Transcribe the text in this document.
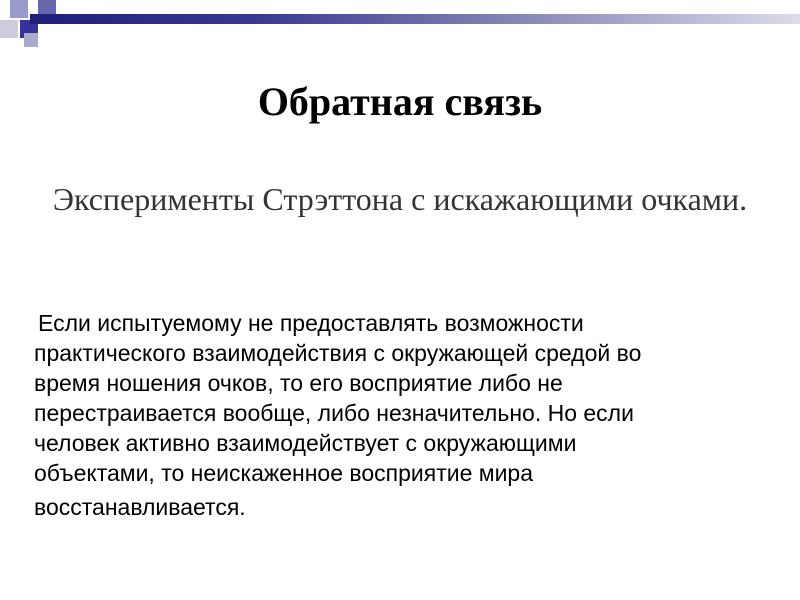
Обратная связь

Эксперименты Стрэттона с искажающими очками.

Если испытуемому не предоставлять возможности
практического взаимодействия с окружающей средой во
время ношения очков, то его восприятие либо не
перестраивается вообще, либо незначительно. Но если
человек активно взаимодействует с окружающими
объектами, то неискаженное восприятие мира
восстанавливается.
